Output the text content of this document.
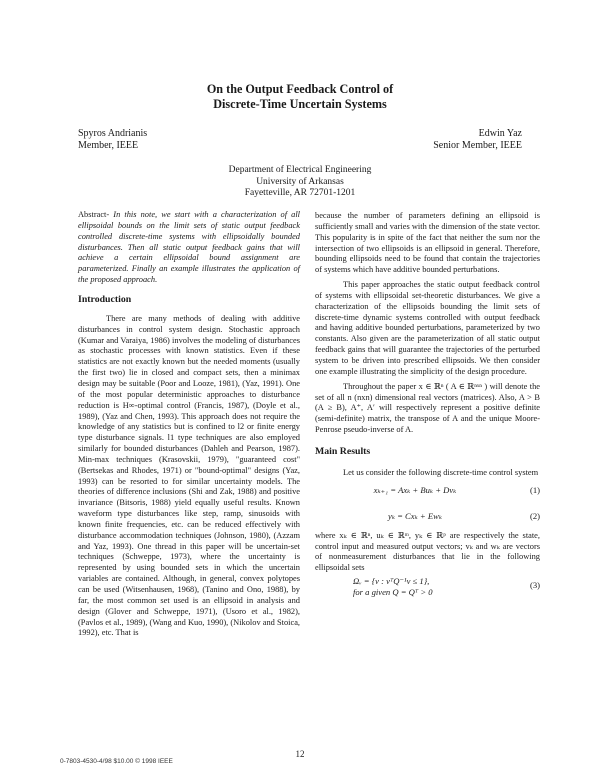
On the Output Feedback Control of
Discrete-Time Uncertain Systems
Spyros Andrianis
Member, IEEE
Edwin Yaz
Senior Member, IEEE
Department of Electrical Engineering
University of Arkansas
Fayetteville, AR 72701-1201

Abstract- In this note, we start with a characterization of all ellipsoidal bounds on the limit sets of static output feedback controlled discrete-time systems with ellipsoidally bounded disturbances. Then all static output feedback gains that will achieve a certain ellipsoidal bound assignment are parameterized. Finally an example illustrates the application of the proposed approach.

Introduction

There are many methods of dealing with additive disturbances in control system design. Stochastic approach (Kumar and Varaiya, 1986) involves the modeling of disturbances as stochastic processes with known statistics. Even if these statistics are not exactly known but the needed moments (usually the first two) lie in closed and compact sets, then a minimax design may be suitable (Poor and Looze, 1981), (Yaz, 1991). One of the most popular deterministic approaches to disturbance reduction is H∞-optimal control (Francis, 1987), (Doyle et al., 1989), (Yaz and Chen, 1993). This approach does not require the knowledge of any statistics but is confined to l2 or finite energy type disturbance signals. l1 type techniques are also employed similarly for bounded disturbances (Dahleh and Pearson, 1987). Min-max techniques (Krasovskii, 1979), "guaranteed cost" (Bertsekas and Rhodes, 1971) or "bound-optimal" designs (Yaz, 1993) can be resorted to for similar uncertainty models. The theories of difference inclusions (Shi and Zak, 1988) and positive invariance (Bitsoris, 1988) yield equally useful results. Known waveform type disturbances like step, ramp, sinusoids with known finite frequencies, etc. can be reduced effectively with disturbance accommodation techniques (Johnson, 1980), (Azzam and Yaz, 1993). One thread in this paper will be uncertain-set techniques (Schweppe, 1973), where the uncertainty is represented by using bounded sets in which the uncertain variables are contained. Although, in general, convex polytopes can be used (Witsenhausen, 1968), (Tanino and Ono, 1988), by far, the most common set used is an ellipsoid in analysis and design (Glover and Schweppe, 1971), (Usoro et al., 1982), (Pavlos et al., 1989), (Wang and Kuo, 1990), (Nikolov and Stoica, 1992), etc. That is

because the number of parameters defining an ellipsoid is sufficiently small and varies with the dimension of the state vector. This popularity is in spite of the fact that neither the sum nor the intersection of two ellipsoids is an ellipsoid in general. Therefore, bounding ellipsoids need to be found that contain the trajectories of systems which have additive bounded perturbations.

This paper approaches the static output feedback control of systems with ellipsoidal set-theoretic disturbances. We give a characterization of the ellipsoids bounding the limit sets of discrete-time dynamic systems controlled with output feedback and having additive bounded perturbations, parameterized by two constants. Also given are the parameterization of all static output feedback gains that will guarantee the trajectories of the perturbed system to be driven into prescribed ellipsoids. We then consider one example illustrating the simplicity of the design procedure.

Throughout the paper x ∈ ℝⁿ ( A ∈ ℝⁿˣⁿ ) will denote the set of all n (nxn) dimensional real vectors (matrices). Also, A > B (A ≥ B), A⁺, A′ will respectively represent a positive definite (semi-definite) matrix, the transpose of A and the unique Moore-Penrose pseudo-inverse of A.

Main Results

Let us consider the following discrete-time control system

xₖ₊₁ = Axₖ + Buₖ + Dvₖ	(1)
yₖ = Cxₖ + Ewₖ	(2)

where xₖ ∈ ℝⁿ, uₖ ∈ ℝᵐ, yₖ ∈ ℝᵖ are respectively the state, control input and measured output vectors; vₖ and wₖ are vectors of nonmeasurement disturbances that lie in the following ellipsoidal sets

Ωᵥ = {v : vᵀQ⁻¹v ≤ 1},
for a given Q = Qᵀ > 0
(3)
12
0-7803-4530-4/98 $10.00 © 1998 IEEE
